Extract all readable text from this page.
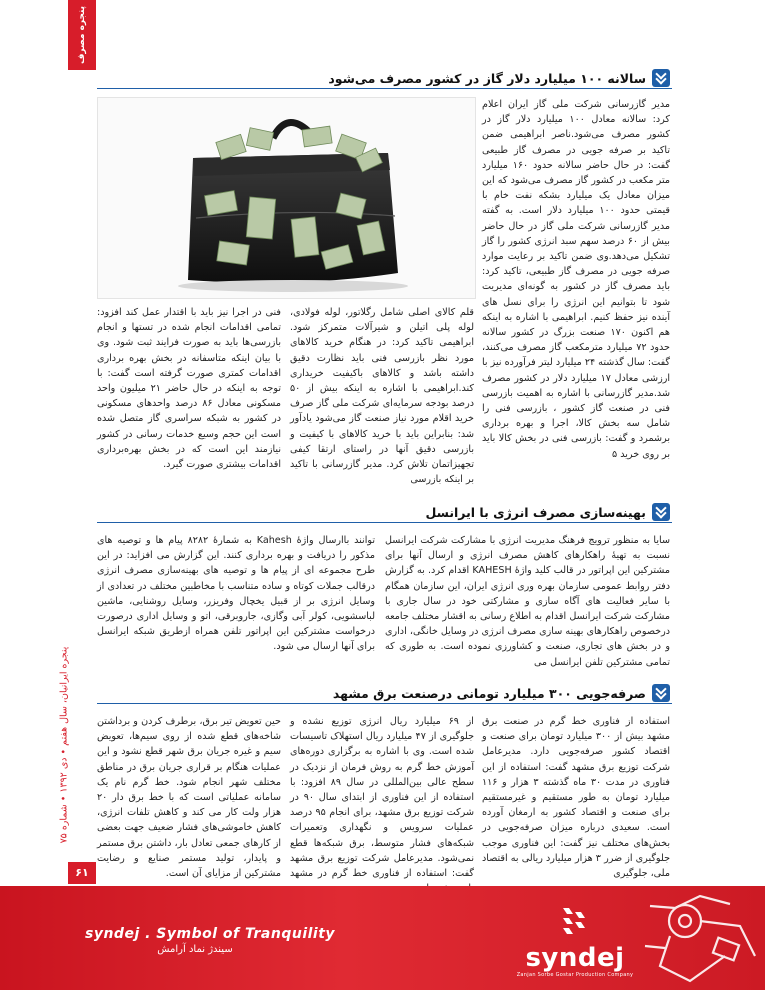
پنجره مصرف
پنجره ایرانیان، سال هفتم • دی ۱۳۹۲ • شماره ۷۵
۶۱
سالانه ۱۰۰ میلیارد دلار گاز در کشور مصرف می‌شود

مدیر گازرسانی شرکت ملی گاز ایران اعلام کرد: سالانه معادل ۱۰۰ میلیارد دلار گاز در کشور مصرف می‌شود.ناصر ابراهیمی ضمن تاکید بر صرفه جویی در مصرف گاز طبیعی گفت: در حال حاضر سالانه حدود ۱۶۰ میلیارد متر مکعب در کشور گاز مصرف می‌شود که این میزان معادل یک میلیارد بشکه نفت خام با قیمتی حدود ۱۰۰ میلیارد دلار است. به گفته مدیر گازرسانی شرکت ملی گاز در حال حاضر بیش از ۶۰ درصد سهم سبد انرژی کشور را گاز تشکیل می‌دهد.وی ضمن تاکید بر رعایت موارد صرفه جویی در مصرف گاز طبیعی، تاکید کرد: باید مصرف گاز در کشور به گونه‌ای مدیریت شود تا بتوانیم این انرژی را برای نسل های آینده نیز حفظ کنیم. ابراهیمی با اشاره به اینکه هم اکنون ۱۷۰ صنعت بزرگ در کشور سالانه حدود ۷۲ میلیارد مترمکعب گاز مصرف می‌کنند، گفت: سال گذشته ۲۴ میلیارد لیتر فرآورده نیز با ارزشی معادل ۱۷ میلیارد دلار در کشور مصرف شد.مدیر گازرسانی با اشاره به اهمیت بازرسی فنی در صنعت گاز کشور ، بازرسی فنی را شامل سه بخش کالا، اجرا و بهره برداری برشمرد و گفت: بازرسی فنی در بخش کالا باید بر روی خرید ۵

قلم کالای اصلی شامل رگلاتور، لوله فولادی، لوله پلی اتیلن و شیرآلات متمرکز شود. ابراهیمی تاکید کرد: در هنگام خرید کالاهای مورد نظر بازرسی فنی باید نظارت دقیق داشته باشد و کالاهای باکیفیت خریداری کند.ابراهیمی با اشاره به اینکه بیش از ۵۰ درصد بودجه سرمایه‌ای شرکت ملی گاز صرف خرید اقلام مورد نیاز صنعت گاز می‌شود یادآور شد: بنابراین باید با خرید کالاهای با کیفیت و بازرسی دقیق آنها در راستای ارتقا کیفی تجهیزاتمان تلاش کرد. مدیر گازرسانی با تاکید بر اینکه بازرسی

فنی در اجرا نیز باید با اقتدار عمل کند افزود: تمامی اقدامات انجام شده در تستها و انجام بازرسی‌ها باید به صورت فرایند ثبت شود. وی با بیان اینکه متاسفانه در بخش بهره برداری اقدامات کمتری صورت گرفته است گفت: با توجه به اینکه در حال حاضر ۲۱ میلیون واحد مسکونی معادل ۸۶ درصد واحدهای مسکونی در کشور به شبکه سراسری گاز متصل شده است این حجم وسیع خدمات رسانی در کشور نیازمند این است که در بخش بهره‌برداری اقدامات بیشتری صورت گیرد.

بهینه‌سازی مصرف انرژی با ایرانسل

سایا به منظور ترویج فرهنگ مدیریت انرژی با مشارکت شرکت ایرانسل نسبت به تهیۀ راهکارهای کاهش مصرف انرژی و ارسال آنها برای مشترکین این اپراتور در قالب کلید واژۀ KAHESH اقدام کرد. به گزارش دفتر روابط عمومی سازمان بهره وری انرژی ایران، این سازمان همگام با سایر فعالیت های آگاه سازی و مشارکتی خود در سال جاری با مشارکت شرکت ایرانسل اقدام به اطلاع رسانی به اقشار مختلف جامعه درخصوص راهکارهای بهینه سازی مصرف انرژی در وسایل خانگی، اداری و در بخش های تجاری، صنعت و کشاورزی نموده است. به طوری که تمامی مشترکین تلفن ایرانسل می

توانند باارسال واژۀ Kahesh به شمارۀ ۸۲۸۲ پیام ها و توصیه های مذکور را دریافت و بهره برداری کنند. این گزارش می افزاید: در این طرح مجموعه ای از پیام ها و توصیه های بهینه‌سازی مصرف انرژی درقالب جملات کوتاه و ساده متناسب با مخاطبین مختلف در تعدادی از وسایل انرژی بر از قبیل یخچال وفریزر، وسایل روشنایی، ماشین لباسشویی، کولر آبی وگازی، جاروبرقی، اتو و وسایل اداری درصورت درخواست مشترکین این اپراتور تلفن همراه ازطریق شبکه ایرانسل برای آنها ارسال می شود.

صرفه‌جویی ۳۰۰ میلیارد تومانی درصنعت برق مشهد

استفاده از فناوری خط گرم در صنعت برق مشهد بیش از ۳۰۰ میلیارد تومان برای صنعت و اقتصاد کشور صرفه‌جویی دارد. مدیرعامل شرکت توزیع برق مشهد گفت: استفاده از این فناوری در مدت ۳۰ ماه گذشته ۳ هزار و ۱۱۶ میلیارد تومان به طور مستقیم و غیرمستقیم برای صنعت و اقتصاد کشور به ارمغان آورده است. سعیدی درباره میزان صرفه‌جویی در بخش‌های مختلف نیز گفت: این فناوری موجب جلوگیری از ضرر ۳ هزار میلیارد ریالی به اقتصاد ملی، جلوگیری

از ۶۹ میلیارد ریال انرژی توزیع نشده و جلوگیری از ۴۷ میلیارد ریال استهلاک تاسیسات شده است. وی با اشاره به برگزاری دوره‌های آموزش خط گرم به روش فرمان از نزدیک در سطح عالی بین‌المللی در سال ۸۹ افزود: با استفاده از این فناوری از ابتدای سال ۹۰ در شرکت توزیع برق مشهد، برای انجام ۹۵ درصد عملیات سرویس و نگهداری وتعمیرات شبکه‌های فشار متوسط، برق شبکه‌ها قطع نمی‌شود. مدیرعامل شرکت توزیع برق مشهد گفت: استفاده از فناوری خط گرم در مشهد

حین تعویض تیر برق، برطرف کردن و برداشتن شاخه‌های قطع شده از روی سیم‌ها، تعویض سیم و غیره جریان برق شهر قطع نشود و این عملیات هنگام بر قراری جریان برق در مناطق مختلف شهر انجام شود. خط گرم نام یک سامانه عملیاتی است که با خط برق دار ۲۰ هزار ولت کار می کند و کاهش تلفات انرژی، کاهش خاموشی‌های فشار ضعیف جهت بعضی از کارهای جمعی تعادل بار، داشتن برق مستمر و پایدار، تولید مستمر صنایع و رضایت مشترکین از مزایای آن است.

syndej . Symbol of Tranquility
سیندژ نماد آرامش	syndej
Zanjan Sorbe Gostar Production Company
